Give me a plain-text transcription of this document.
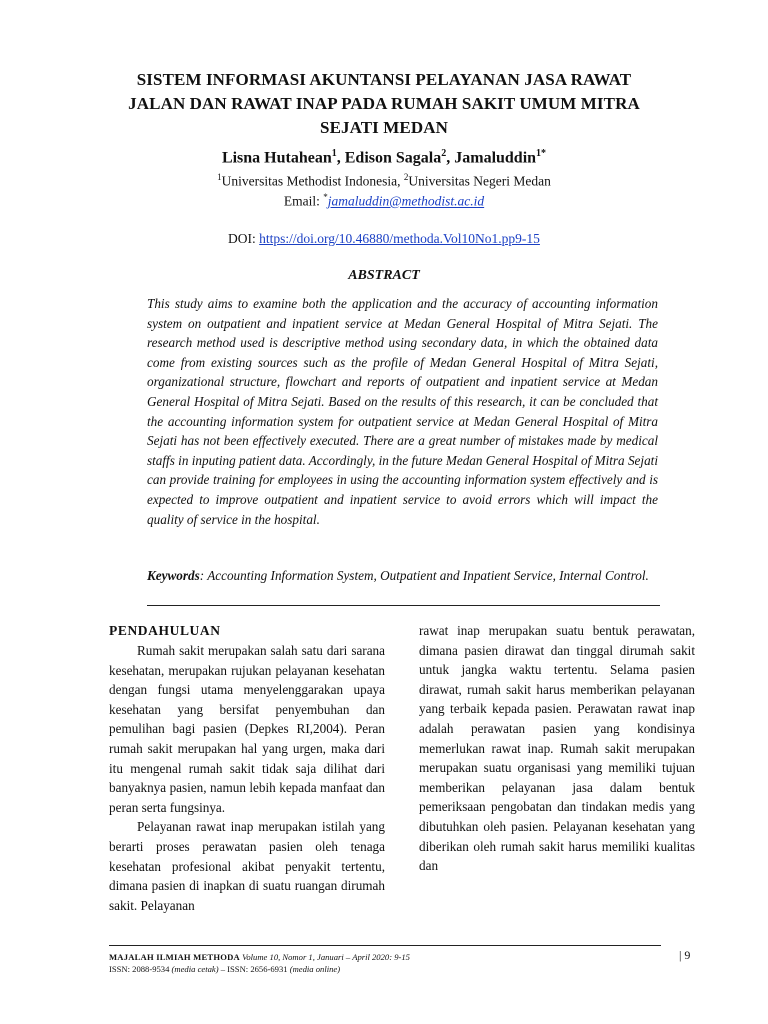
SISTEM INFORMASI AKUNTANSI PELAYANAN JASA RAWAT
JALAN DAN RAWAT INAP PADA RUMAH SAKIT UMUM MITRA
SEJATI MEDAN
Lisna Hutahean$^1$, Edison Sagala$^2$, Jamaluddin$^{1*}$
$^1$Universitas Methodist Indonesia, $^2$Universitas Negeri Medan
Email: *jamaluddin@methodist.ac.id
DOI: https://doi.org/10.46880/methoda.Vol10No1.pp9-15
ABSTRACT

This study aims to examine both the application and the accuracy of accounting information system on outpatient and inpatient service at Medan General Hospital of Mitra Sejati. The research method used is descriptive method using secondary data, in which the obtained data come from existing sources such as the profile of Medan General Hospital of Mitra Sejati, organizational structure, flowchart and reports of outpatient and inpatient service at Medan General Hospital of Mitra Sejati. Based on the results of this research, it can be concluded that the accounting information system for outpatient service at Medan General Hospital of Mitra Sejati has not been effectively executed. There are a great number of mistakes made by medical staffs in inputing patient data. Accordingly, in the future Medan General Hospital of Mitra Sejati can provide training for employees in using the accounting information system effectively and is expected to improve outpatient and inpatient service to avoid errors which will impact the quality of service in the hospital.

Keywords: Accounting Information System, Outpatient and Inpatient Service, Internal Control.

PENDAHULUAN

Rumah sakit merupakan salah satu dari sarana kesehatan, merupakan rujukan pelayanan kesehatan dengan fungsi utama menyelenggarakan upaya kesehatan yang bersifat penyembuhan dan pemulihan bagi pasien (Depkes RI,2004). Peran rumah sakit merupakan hal yang urgen, maka dari itu mengenal rumah sakit tidak saja dilihat dari banyaknya pasien, namun lebih kepada manfaat dan peran serta fungsinya.

Pelayanan rawat inap merupakan istilah yang berarti proses perawatan pasien oleh tenaga kesehatan profesional akibat penyakit tertentu, dimana pasien di inapkan di suatu ruangan dirumah sakit. Pelayanan

rawat inap merupakan suatu bentuk perawatan, dimana pasien dirawat dan tinggal dirumah sakit untuk jangka waktu tertentu. Selama pasien dirawat, rumah sakit harus memberikan pelayanan yang terbaik kepada pasien. Perawatan rawat inap adalah perawatan pasien yang kondisinya memerlukan rawat inap. Rumah sakit merupakan merupakan suatu organisasi yang memiliki tujuan memberikan pelayanan jasa dalam bentuk pemeriksaan pengobatan dan tindakan medis yang dibutuhkan oleh pasien. Pelayanan kesehatan yang diberikan oleh rumah sakit harus memiliki kualitas dan

MAJALAH ILMIAH METHODA Volume 10, Nomor 1, Januari – April 2020: 9-15
ISSN: 2088-9534 (media cetak) – ISSN: 2656-6931 (media online)
| 9
